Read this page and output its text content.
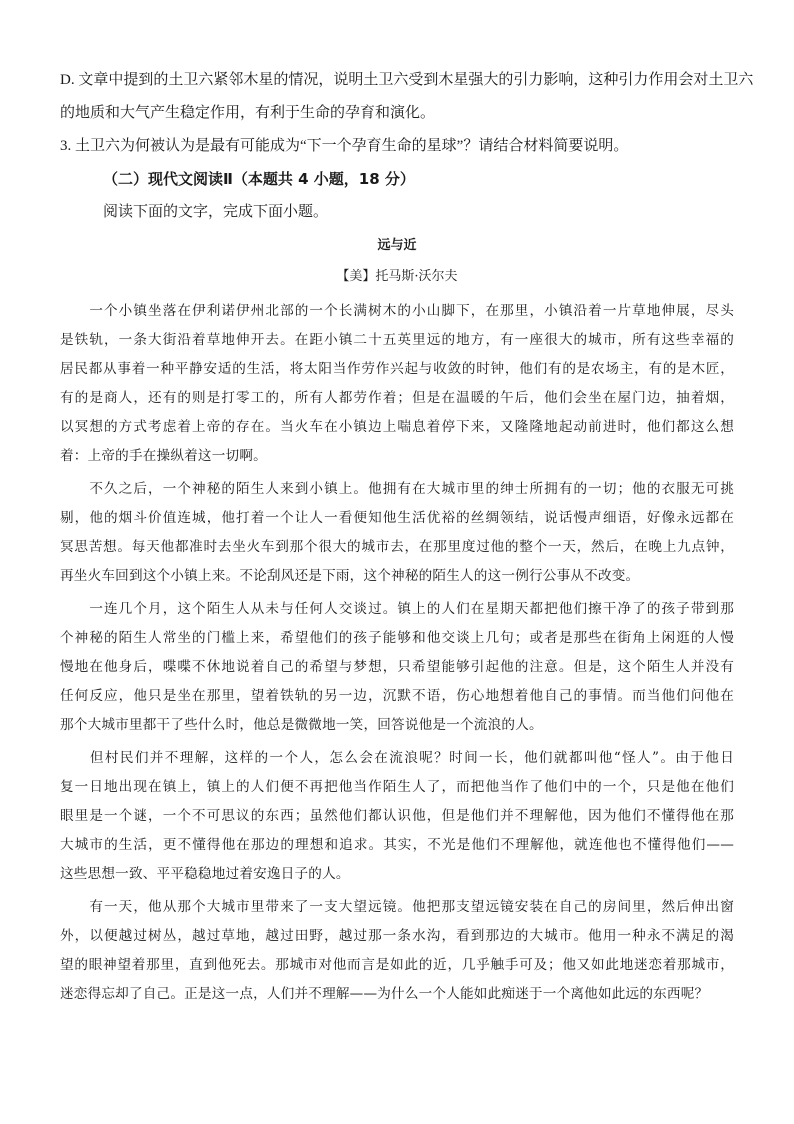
D. 文章中提到的土卫六紧邻木星的情况，说明土卫六受到木星强大的引力影响，这种引力作用会对土卫六

的地质和大气产生稳定作用，有利于生命的孕育和演化。

3. 土卫六为何被认为是最有可能成为“下一个孕育生命的星球”？请结合材料简要说明。

（二）现代文阅读Ⅱ（本题共 4 小题，18 分）

阅读下面的文字，完成下面小题。

远与近

【美】托马斯·沃尔夫

　　一个小镇坐落在伊利诺伊州北部的一个长满树木的小山脚下，在那里，小镇沿着一片草地伸展，尽头

是铁轨，一条大街沿着草地伸开去。在距小镇二十五英里远的地方，有一座很大的城市，所有这些幸福的

居民都从事着一种平静安适的生活，将太阳当作劳作兴起与收敛的时钟，他们有的是农场主，有的是木匠，

有的是商人，还有的则是打零工的，所有人都劳作着；但是在温暖的午后，他们会坐在屋门边，抽着烟，

以冥想的方式考虑着上帝的存在。当火车在小镇边上喘息着停下来，又隆隆地起动前进时，他们都这么想

着：上帝的手在操纵着这一切啊。

　　不久之后，一个神秘的陌生人来到小镇上。他拥有在大城市里的绅士所拥有的一切；他的衣服无可挑

剔，他的烟斗价值连城，他打着一个让人一看便知他生活优裕的丝绸领结，说话慢声细语，好像永远都在

冥思苦想。每天他都准时去坐火车到那个很大的城市去，在那里度过他的整个一天，然后，在晚上九点钟，

再坐火车回到这个小镇上来。不论刮风还是下雨，这个神秘的陌生人的这一例行公事从不改变。

　　一连几个月，这个陌生人从未与任何人交谈过。镇上的人们在星期天都把他们擦干净了的孩子带到那

个神秘的陌生人常坐的门槛上来，希望他们的孩子能够和他交谈上几句；或者是那些在街角上闲逛的人慢

慢地在他身后，喋喋不休地说着自己的希望与梦想，只希望能够引起他的注意。但是，这个陌生人并没有

任何反应，他只是坐在那里，望着铁轨的另一边，沉默不语，伤心地想着他自己的事情。而当他们问他在

那个大城市里都干了些什么时，他总是微微地一笑，回答说他是一个流浪的人。

　　但村民们并不理解，这样的一个人，怎么会在流浪呢？时间一长，他们就都叫他“怪人”。由于他日

复一日地出现在镇上，镇上的人们便不再把他当作陌生人了，而把他当作了他们中的一个，只是他在他们

眼里是一个谜，一个不可思议的东西；虽然他们都认识他，但是他们并不理解他，因为他们不懂得他在那

大城市的生活，更不懂得他在那边的理想和追求。其实，不光是他们不理解他，就连他也不懂得他们——

这些思想一致、平平稳稳地过着安逸日子的人。

　　有一天，他从那个大城市里带来了一支大望远镜。他把那支望远镜安装在自己的房间里，然后伸出窗

外，以便越过树丛，越过草地，越过田野，越过那一条水沟，看到那边的大城市。他用一种永不满足的渴

望的眼神望着那里，直到他死去。那城市对他而言是如此的近，几乎触手可及；他又如此地迷恋着那城市，

迷恋得忘却了自己。正是这一点，人们并不理解——为什么一个人能如此痴迷于一个离他如此远的东西呢？
